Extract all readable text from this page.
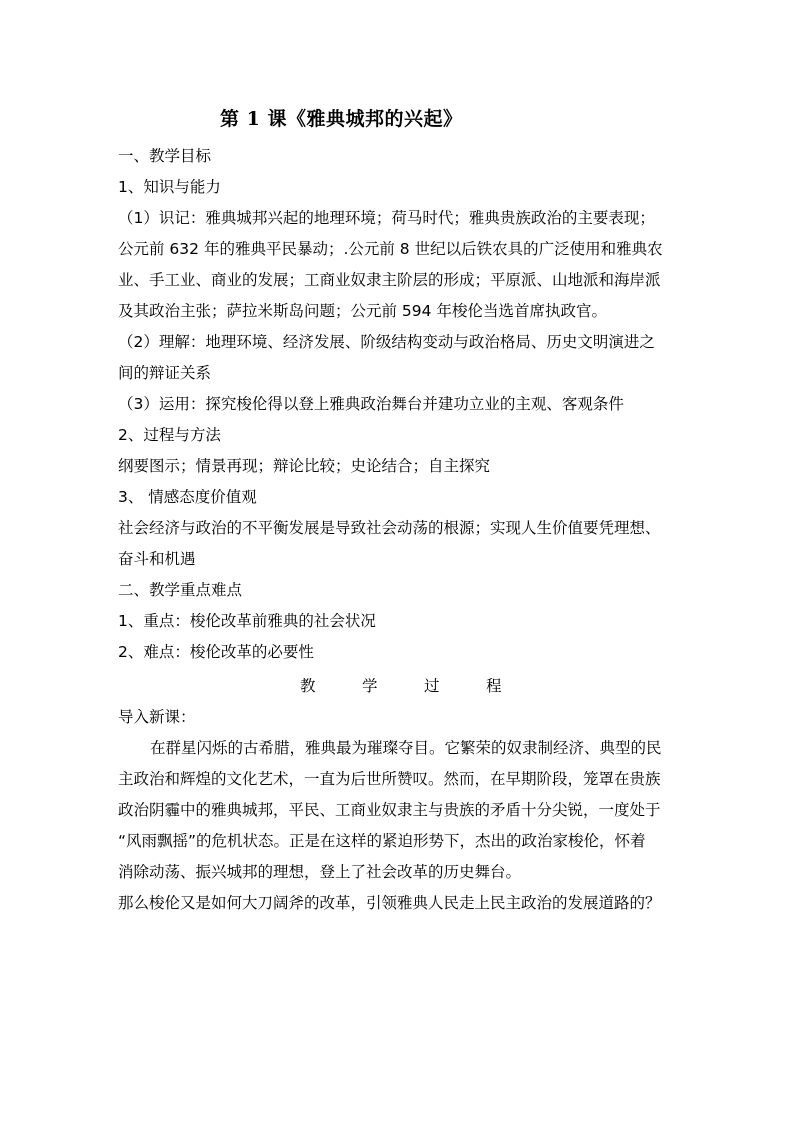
第 1 课《雅典城邦的兴起》
一、教学目标
1、知识与能力
（1）识记：雅典城邦兴起的地理环境；荷马时代；雅典贵族政治的主要表现；
公元前 632 年的雅典平民暴动；.公元前 8 世纪以后铁农具的广泛使用和雅典农
业、手工业、商业的发展；工商业奴隶主阶层的形成；平原派、山地派和海岸派
及其政治主张；萨拉米斯岛问题；公元前 594 年梭伦当选首席执政官。
（2）理解：地理环境、经济发展、阶级结构变动与政治格局、历史文明演进之
间的辩证关系
（3）运用：探究梭伦得以登上雅典政治舞台并建功立业的主观、客观条件
2、过程与方法
纲要图示；情景再现；辩论比较；史论结合；自主探究
3、 情感态度价值观
社会经济与政治的不平衡发展是导致社会动荡的根源；实现人生价值要凭理想、
奋斗和机遇
二、教学重点难点
1、重点：梭伦改革前雅典的社会状况
2、难点：梭伦改革的必要性
教	学	过	程
导入新课：
在群星闪烁的古希腊，雅典最为璀璨夺目。它繁荣的奴隶制经济、典型的民
主政治和辉煌的文化艺术，一直为后世所赞叹。然而，在早期阶段，笼罩在贵族
政治阴霾中的雅典城邦，平民、工商业奴隶主与贵族的矛盾十分尖锐，一度处于
“风雨飘摇”的危机状态。正是在这样的紧迫形势下，杰出的政治家梭伦，怀着
消除动荡、振兴城邦的理想，登上了社会改革的历史舞台。
那么梭伦又是如何大刀阔斧的改革，引领雅典人民走上民主政治的发展道路的？
